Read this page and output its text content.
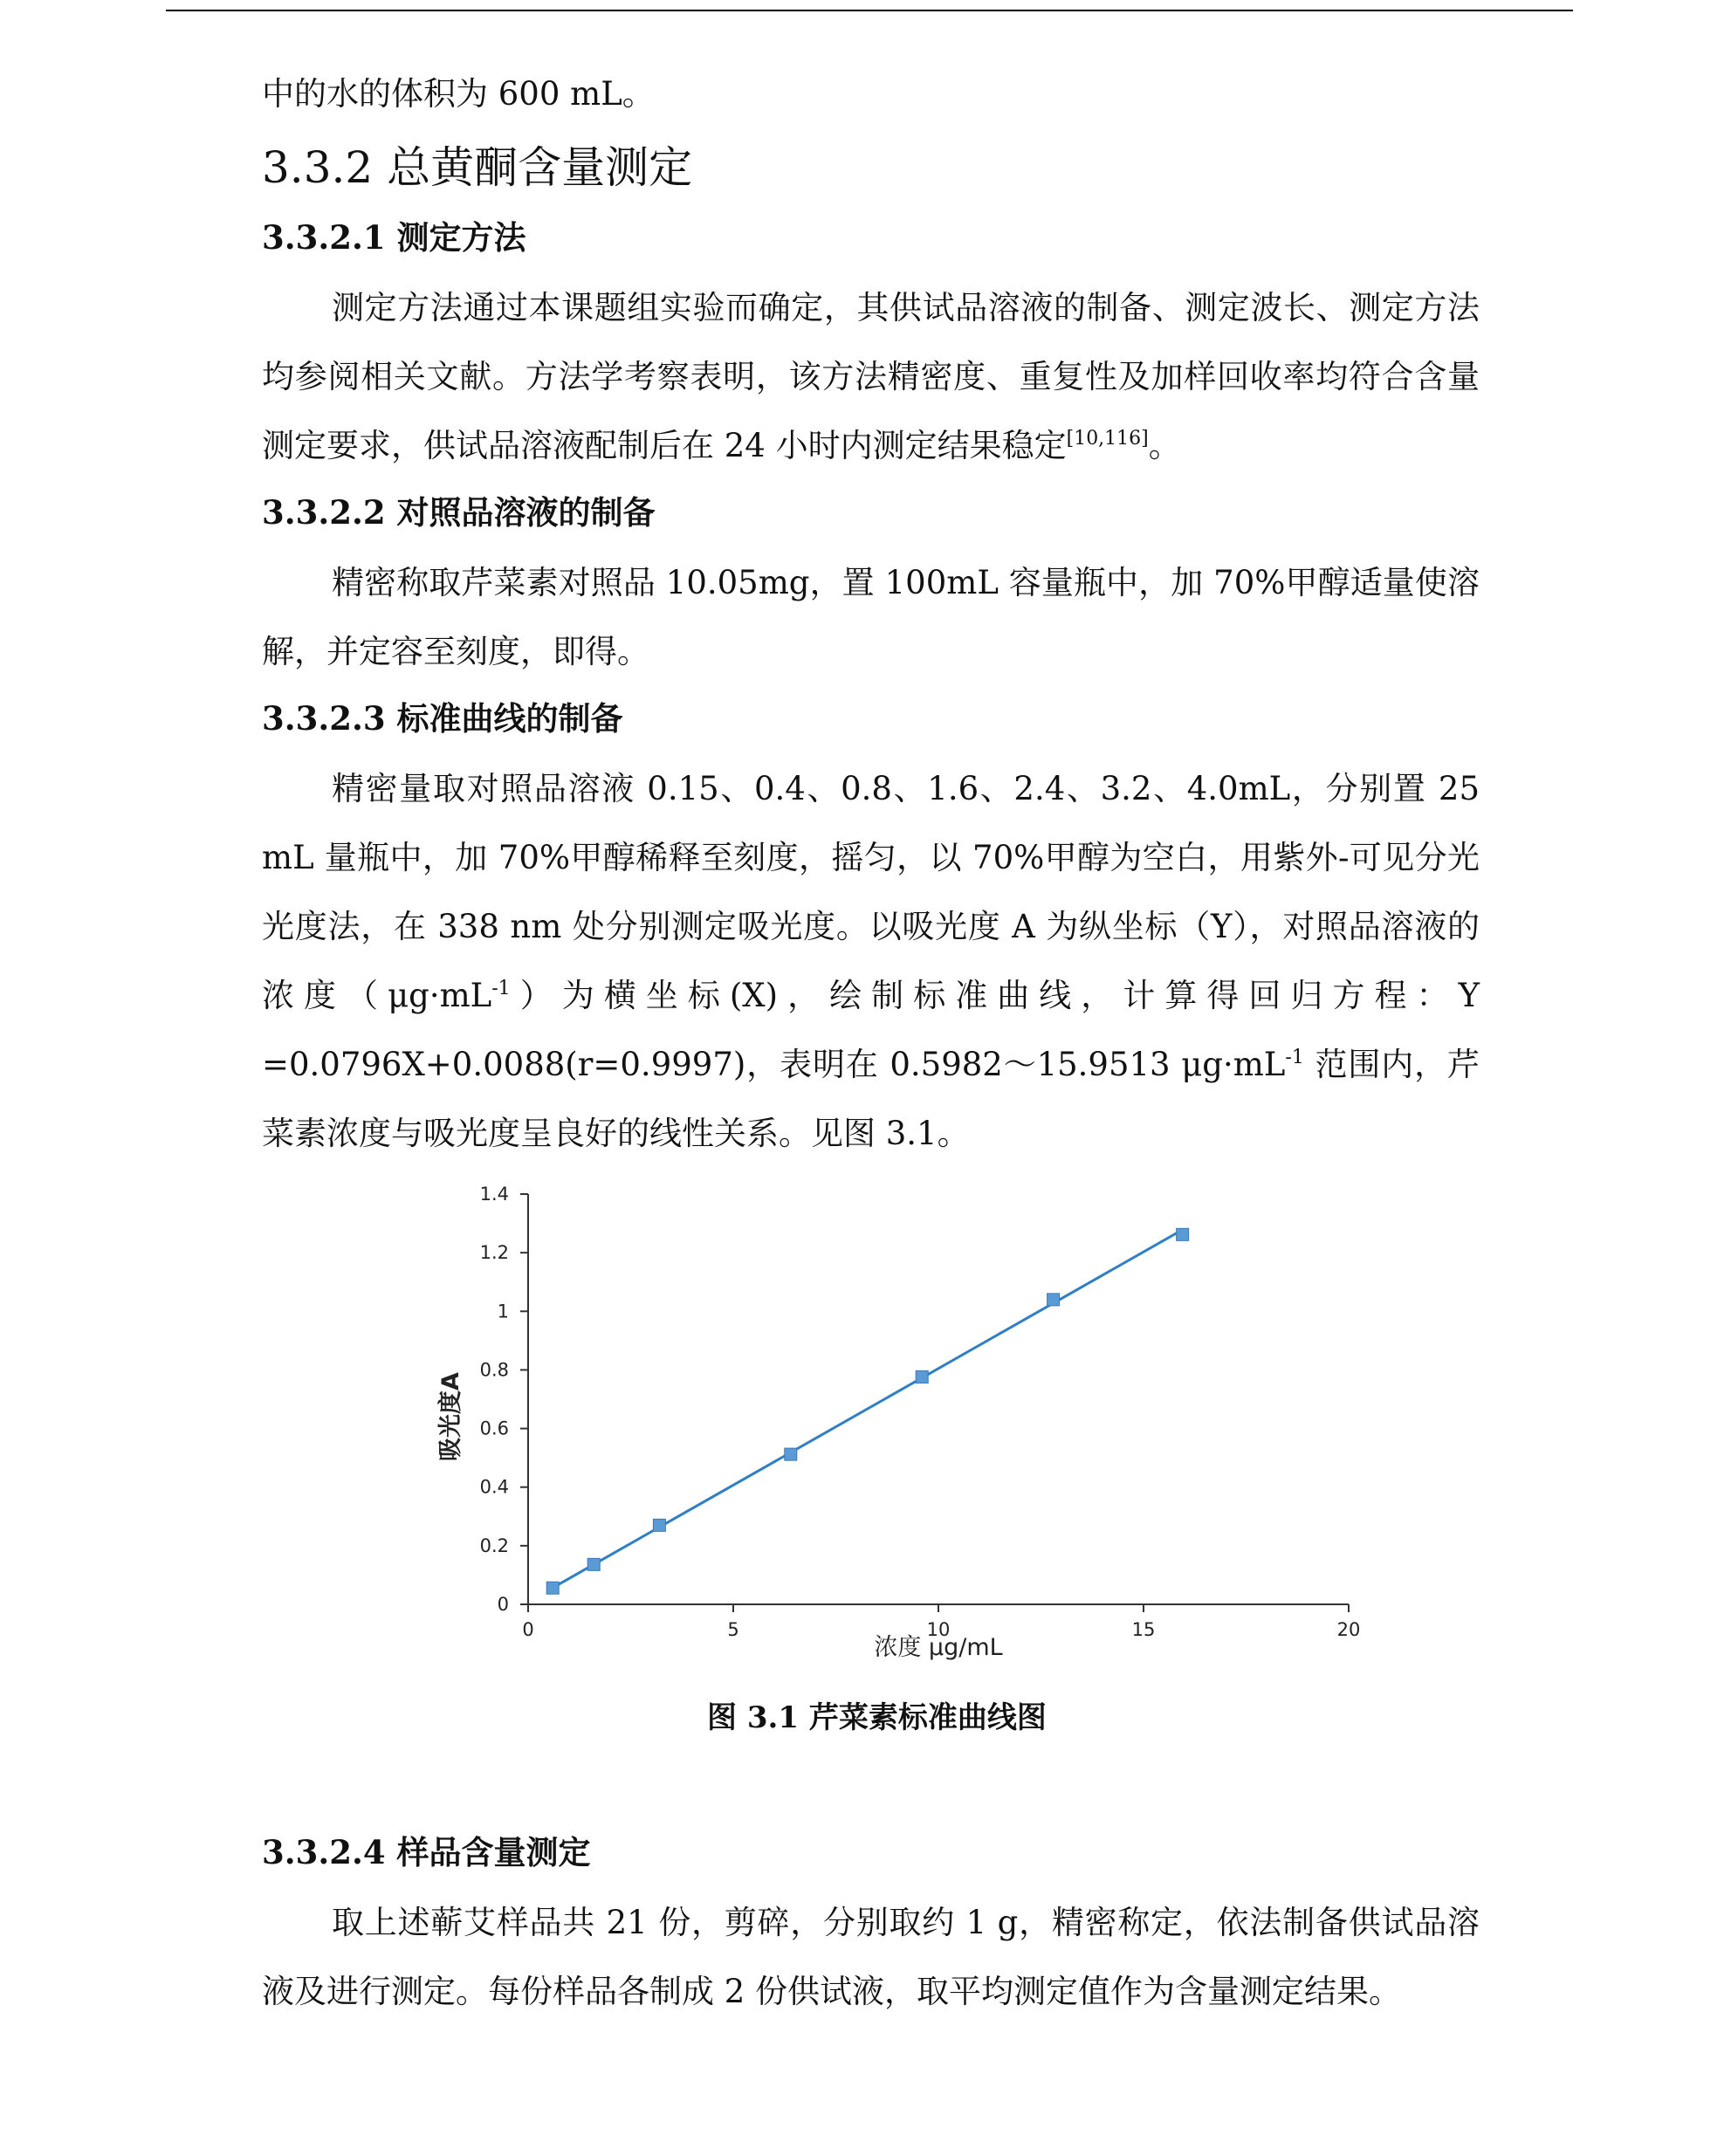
中的水的体积为 600 mL。

3.3.2 总黄酮含量测定
3.3.2.1 测定方法

测定方法通过本课题组实验而确定，其供试品溶液的制备、测定波长、测定方法均参阅相关文献。方法学考察表明，该方法精密度、重复性及加样回收率均符合含量测定要求，供试品溶液配制后在 24 小时内测定结果稳定[10,116]。

3.3.2.2 对照品溶液的制备

精密称取芹菜素对照品 10.05mg，置 100mL 容量瓶中，加 70%甲醇适量使溶解，并定容至刻度，即得。

3.3.2.3 标准曲线的制备

精密量取对照品溶液 0.15、0.4、0.8、1.6、2.4、3.2、4.0mL，分别置 25 mL 量瓶中，加 70%甲醇稀释至刻度，摇匀，以 70%甲醇为空白，用紫外-可见分光光度法，在 338 nm 处分别测定吸光度。以吸光度 A 为纵坐标（Y），对照品溶液的浓度$(\mu g\cdot mL^{-1})$为横坐标(X)，绘制标准曲线，计算得回归方程：Y =0.0796X+0.0088(r=0.9997)，表明在 0.5982～15.9513 $\mu g\cdot mL^{-1}$ 范围内，芹菜素浓度与吸光度呈良好的线性关系。见图 3.1。

0	5	10	15	20
0
0.2
0.4
0.6
0.8
1
1.2
1.4
浓度 μg/mL
吸光度A
图 3.1 芹菜素标准曲线图
3.3.2.4 样品含量测定

取上述蕲艾样品共 21 份，剪碎，分别取约 1 g，精密称定，依法制备供试品溶液及进行测定。每份样品各制成 2 份供试液，取平均测定值作为含量测定结果。
